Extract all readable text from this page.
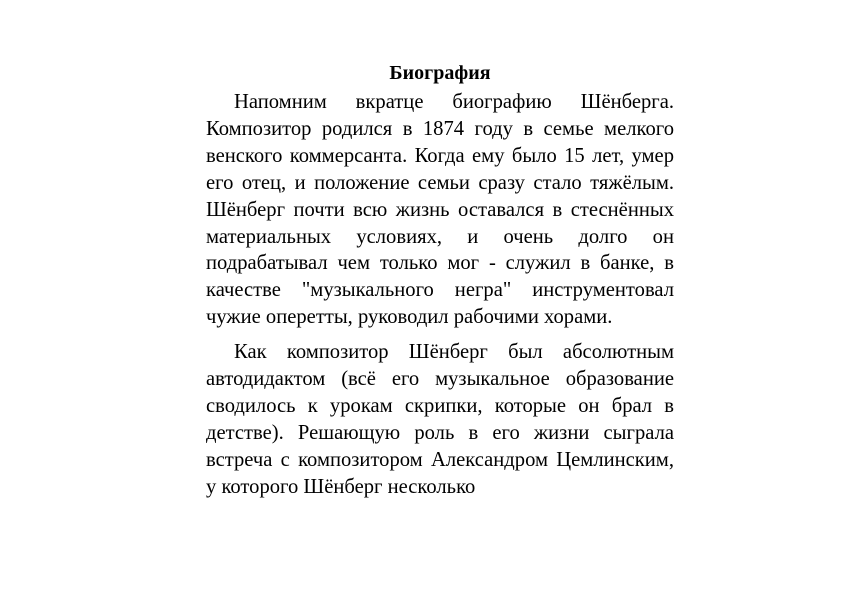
Биография

Напомним вкратце биографию Шёнберга. Композитор родился в 1874 году в семье мелкого венского коммерсанта. Когда ему было 15 лет, умер его отец, и положение семьи сразу стало тяжёлым. Шёнберг почти всю жизнь оставался в стеснённых материальных условиях, и очень долго он подрабатывал чем только мог - служил в банке, в качестве "музыкального негра" инструментовал чужие оперетты, руководил рабочими хорами.

Как композитор Шёнберг был абсолютным автодидактом (всё его музыкальное образование сводилось к урокам скрипки, которые он брал в детстве). Решающую роль в его жизни сыграла встреча с композитором Александром Цемлинским, у которого Шёнберг несколько
